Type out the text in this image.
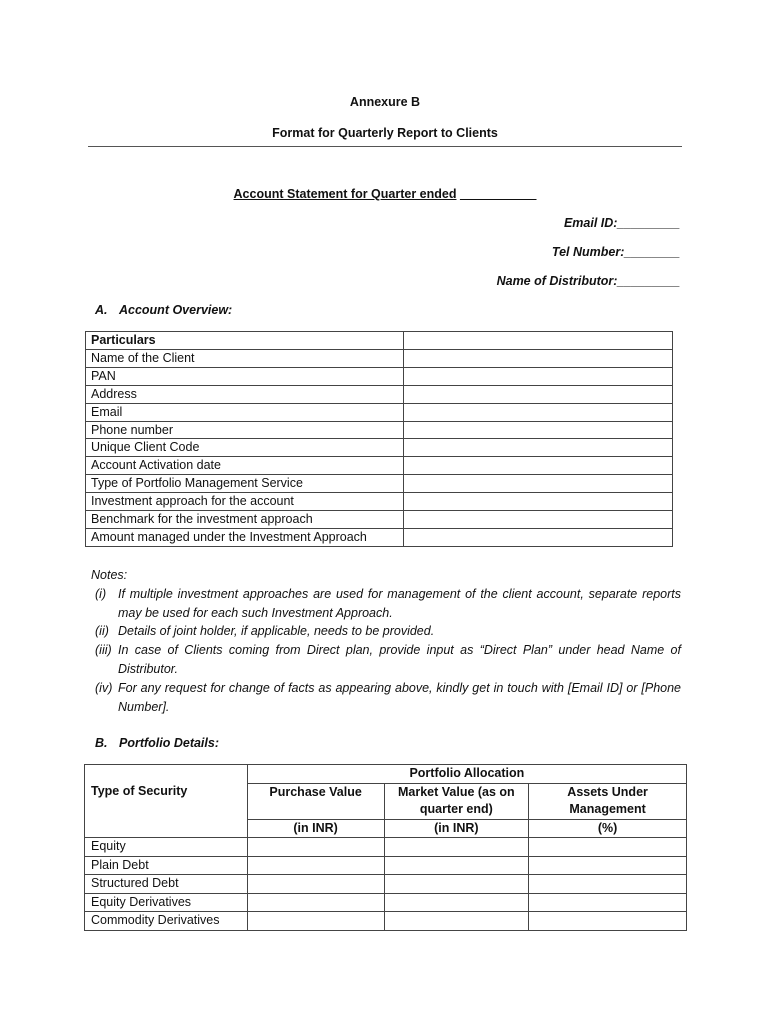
Annexure B
Format for Quarterly Report to Clients
Account Statement for Quarter ended ___________
Email ID:_________
Tel Number:________
Name of Distributor:_________
A. Account Overview:
Particulars	
Name of the Client	
PAN	
Address	
Email	
Phone number	
Unique Client Code	
Account Activation date	
Type of Portfolio Management Service	
Investment approach for the account	
Benchmark for the investment approach	
Amount managed under the Investment Approach	
Notes:
(i) If multiple investment approaches are used for management of the client account, separate reports may be used for each such Investment Approach.
(ii) Details of joint holder, if applicable, needs to be provided.
(iii) In case of Clients coming from Direct plan, provide input as “Direct Plan” under head Name of Distributor.
(iv) For any request for change of facts as appearing above, kindly get in touch with [Email ID] or [Phone Number].
B. Portfolio Details:
	Portfolio Allocation		
Type of Security	Purchase Value	Market Value (as on quarter end)	Assets Under Management
	(in INR)	(in INR)	(%)
Equity			
Plain Debt			
Structured Debt			
Equity Derivatives			
Commodity Derivatives			
